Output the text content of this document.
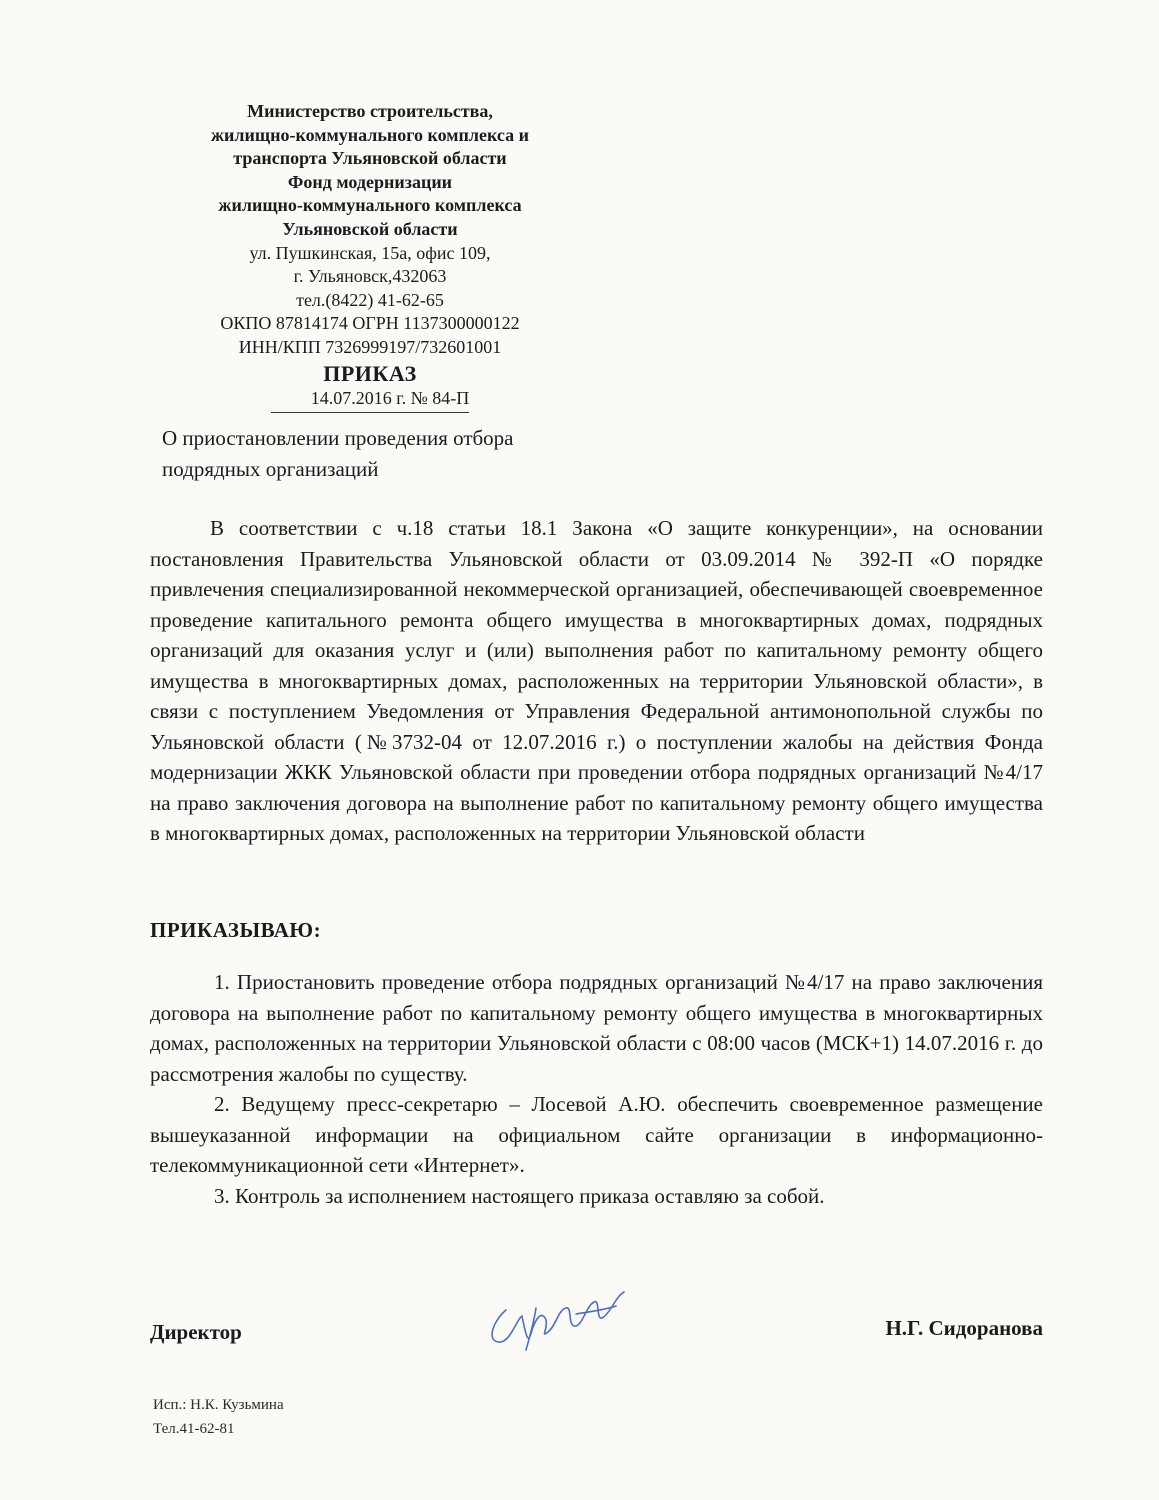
Министерство строительства,
жилищно-коммунального комплекса и
транспорта Ульяновской области
Фонд модернизации
жилищно-коммунального комплекса
Ульяновской области
ул. Пушкинская, 15а, офис 109,
г. Ульяновск,432063
тел.(8422) 41-62-65
ОКПО 87814174 ОГРН 1137300000122
ИНН/КПП 7326999197/732601001
ПРИКАЗ
14.07.2016 г. № 84-П
О приостановлении проведения отбора
подрядных организаций
В соответствии с ч.18 статьи 18.1 Закона «О защите конкуренции», на основании постановления Правительства Ульяновской области от 03.09.2014 № 392-П «О порядке привлечения специализированной некоммерческой организацией, обеспечивающей своевременное проведение капитального ремонта общего имущества в многоквартирных домах, подрядных организаций для оказания услуг и (или) выполнения работ по капитальному ремонту общего имущества в многоквартирных домах, расположенных на территории Ульяновской области», в связи с поступлением Уведомления от Управления Федеральной антимонопольной службы по Ульяновской области (№3732-04 от 12.07.2016 г.) о поступлении жалобы на действия Фонда модернизации ЖКК Ульяновской области при проведении отбора подрядных организаций №4/17 на право заключения договора на выполнение работ по капитальному ремонту общего имущества в многоквартирных домах, расположенных на территории Ульяновской области
ПРИКАЗЫВАЮ:
1. Приостановить проведение отбора подрядных организаций №4/17 на право заключения договора на выполнение работ по капитальному ремонту общего имущества в многоквартирных домах, расположенных на территории Ульяновской области с 08:00 часов (МСК+1) 14.07.2016 г. до рассмотрения жалобы по существу.
2. Ведущему пресс-секретарю – Лосевой А.Ю. обеспечить своевременное размещение вышеуказанной информации на официальном сайте организации в информационно-телекоммуникационной сети «Интернет».
3. Контроль за исполнением настоящего приказа оставляю за собой.
Директор	Н.Г. Сидоранова
Исп.: Н.К. Кузьмина
Тел.41-62-81
